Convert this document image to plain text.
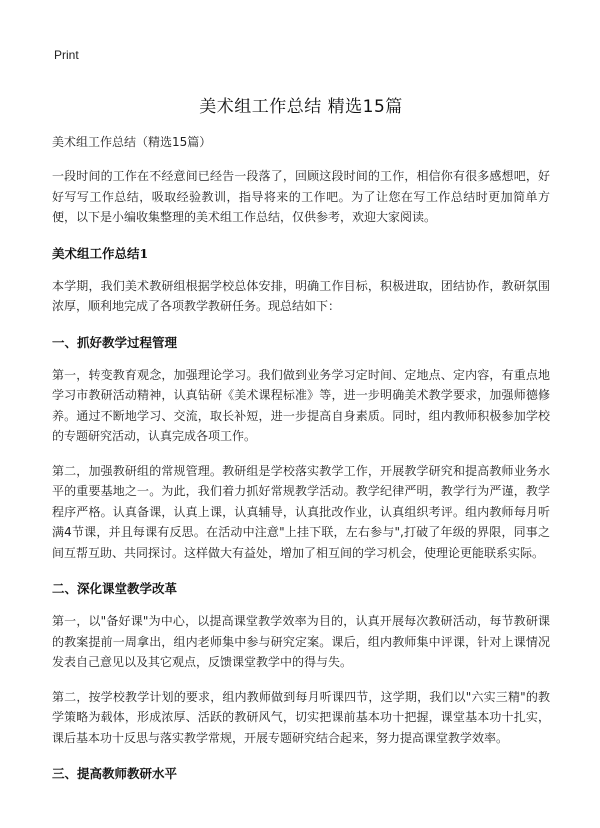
Print
美术组工作总结 精选15篇
美术组工作总结（精选15篇）

一段时间的工作在不经意间已经告一段落了，回顾这段时间的工作，相信你有很多感想吧，好好写写工作总结，吸取经验教训，指导将来的工作吧。为了让您在写工作总结时更加简单方便，以下是小编收集整理的美术组工作总结，仅供参考，欢迎大家阅读。

美术组工作总结1

本学期，我们美术教研组根据学校总体安排，明确工作目标，积极进取，团结协作，教研氛围浓厚，顺利地完成了各项教学教研任务。现总结如下：

一、抓好教学过程管理

第一，转变教育观念，加强理论学习。我们做到业务学习定时间、定地点、定内容，有重点地学习市教研活动精神，认真钻研《美术课程标准》等，进一步明确美术教学要求，加强师德修养。通过不断地学习、交流，取长补短，进一步提高自身素质。同时，组内教师积极参加学校的专题研究活动，认真完成各项工作。

第二，加强教研组的常规管理。教研组是学校落实教学工作，开展教学研究和提高教师业务水平的重要基地之一。为此，我们着力抓好常规教学活动。教学纪律严明，教学行为严谨，教学程序严格。认真备课，认真上课，认真辅导，认真批改作业，认真组织考评。组内教师每月听满4节课，并且每课有反思。在活动中注意"上挂下联，左右参与",打破了年级的界限，同事之间互帮互助、共同探讨。这样做大有益处，增加了相互间的学习机会，使理论更能联系实际。

二、深化课堂教学改革

第一，以"备好课"为中心，以提高课堂教学效率为目的，认真开展每次教研活动，每节教研课的教案提前一周拿出，组内老师集中参与研究定案。课后，组内教师集中评课，针对上课情况发表自己意见以及其它观点，反馈课堂教学中的得与失。

第二，按学校教学计划的要求，组内教师做到每月听课四节，这学期，我们以"六实三精"的教学策略为载体，形成浓厚、活跃的教研风气，切实把课前基本功十把握，课堂基本功十扎实，课后基本功十反思与落实教学常规，开展专题研究结合起来，努力提高课堂教学效率。

三、提高教师教研水平
